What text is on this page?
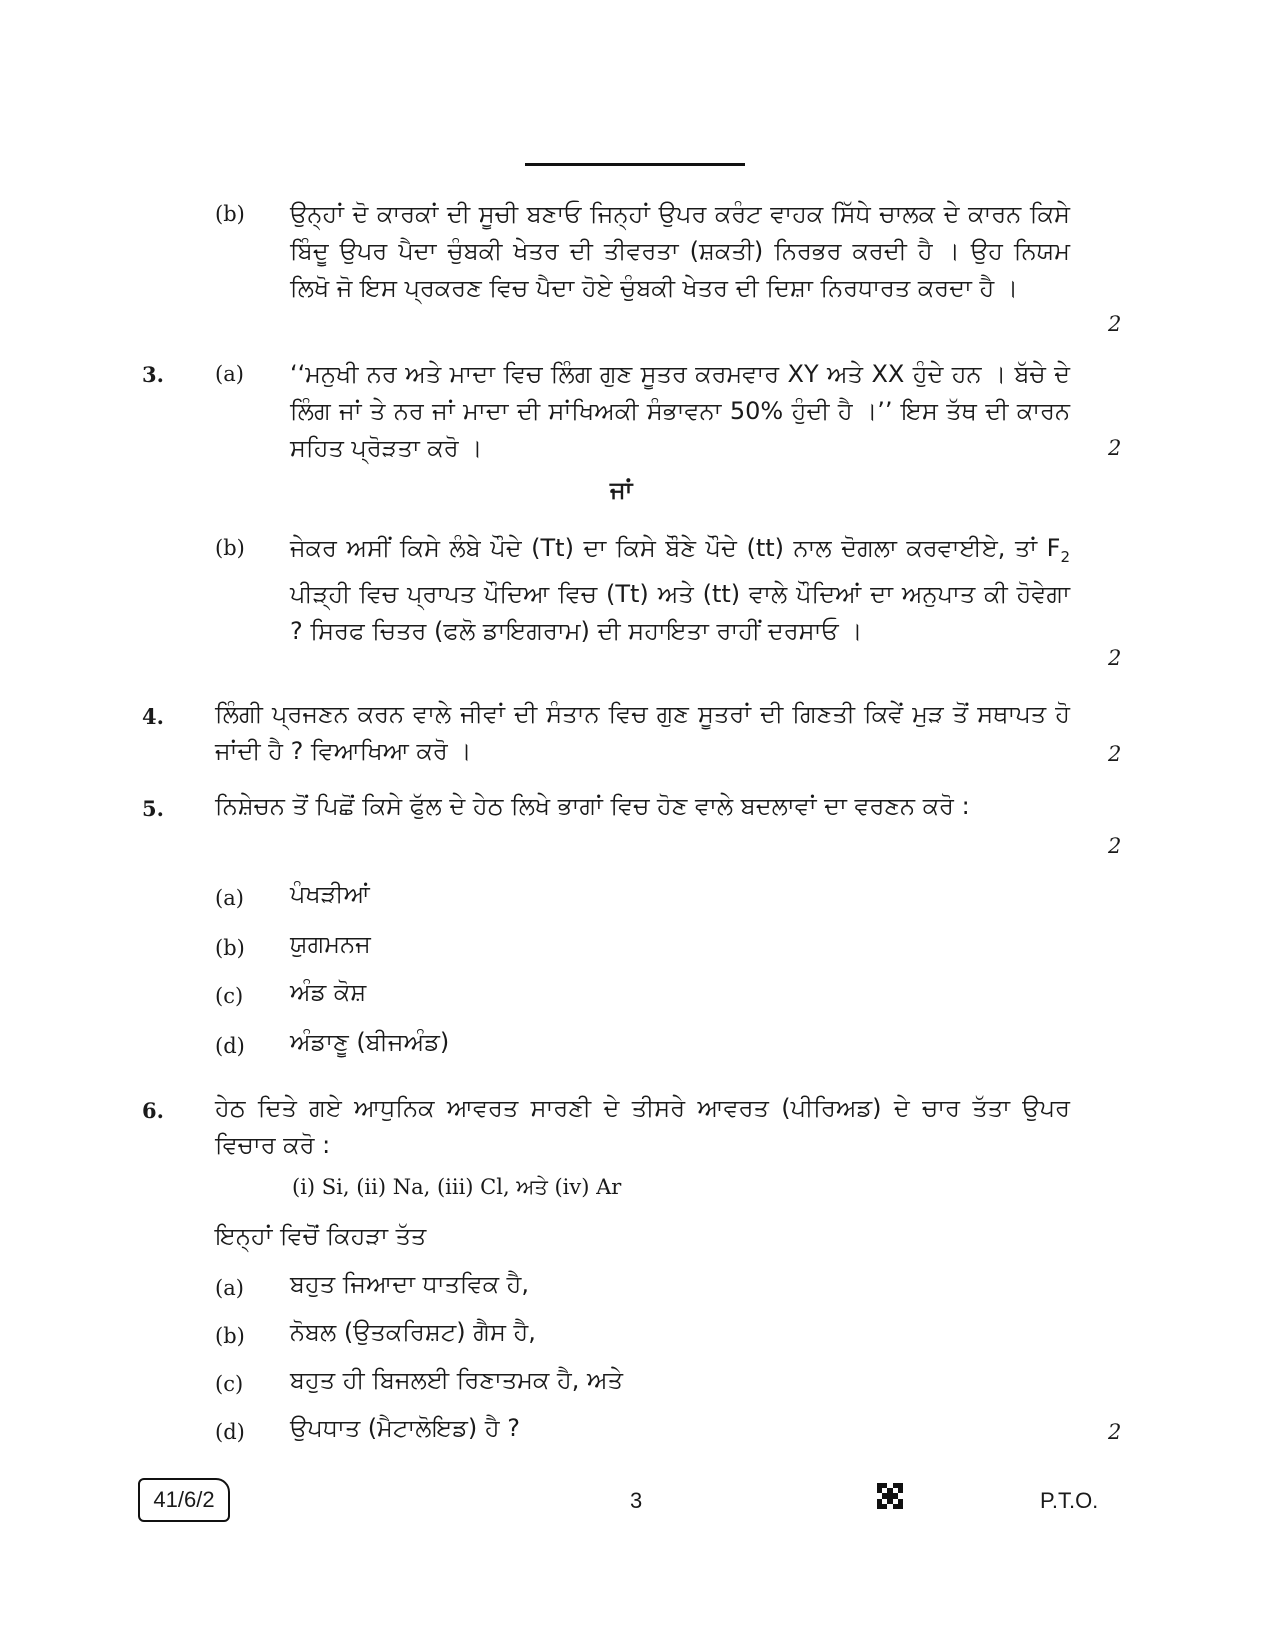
(b) ਉਨ੍ਹਾਂ ਦੋ ਕਾਰਕਾਂ ਦੀ ਸੂਚੀ ਬਣਾਓ ਜਿਨ੍ਹਾਂ ਉਪਰ ਕਰੰਟ ਵਾਹਕ ਸਿੱਧੇ ਚਾਲਕ ਦੇ ਕਾਰਨ ਕਿਸੇ ਬਿੰਦੂ ਉਪਰ ਪੈਦਾ ਚੁੰਬਕੀ ਖੇਤਰ ਦੀ ਤੀਵਰਤਾ (ਸ਼ਕਤੀ) ਨਿਰਭਰ ਕਰਦੀ ਹੈ । ਉਹ ਨਿਯਮ ਲਿਖੋ ਜੋ ਇਸ ਪ੍ਰਕਰਣ ਵਿਚ ਪੈਦਾ ਹੋਏ ਚੁੰਬਕੀ ਖੇਤਰ ਦੀ ਦਿਸ਼ਾ ਨਿਰਧਾਰਤ ਕਰਦਾ ਹੈ ।
2
3. (a) ‘‘ਮਨੁਖੀ ਨਰ ਅਤੇ ਮਾਦਾ ਵਿਚ ਲਿੰਗ ਗੁਣ ਸੂਤਰ ਕਰਮਵਾਰ XY ਅਤੇ XX ਹੁੰਦੇ ਹਨ । ਬੱਚੇ ਦੇ ਲਿੰਗ ਜਾਂ ਤੇ ਨਰ ਜਾਂ ਮਾਦਾ ਦੀ ਸਾਂਖਿਅਕੀ ਸੰਭਾਵਨਾ 50% ਹੁੰਦੀ ਹੈ ।’’ ਇਸ ਤੱਥ ਦੀ ਕਾਰਨ ਸਹਿਤ ਪ੍ਰੋੜਤਾ ਕਰੋ ।	2
ਜਾਂ
(b) ਜੇਕਰ ਅਸੀਂ ਕਿਸੇ ਲੰਬੇ ਪੌਦੇ (Tt) ਦਾ ਕਿਸੇ ਬੌਣੇ ਪੌਦੇ (tt) ਨਾਲ ਦੋਗਲਾ ਕਰਵਾਈਏ, ਤਾਂ $F_2$ ਪੀੜ੍ਹੀ ਵਿਚ ਪ੍ਰਾਪਤ ਪੌਦਿਆ ਵਿਚ (Tt) ਅਤੇ (tt) ਵਾਲੇ ਪੌਦਿਆਂ ਦਾ ਅਨੁਪਾਤ ਕੀ ਹੋਵੇਗਾ ? ਸਿਰਫ ਚਿਤਰ (ਫਲੋ ਡਾਇਗਰਾਮ) ਦੀ ਸਹਾਇਤਾ ਰਾਹੀਂ ਦਰਸਾਓ ।
2
4. ਲਿੰਗੀ ਪ੍ਰਜਣਨ ਕਰਨ ਵਾਲੇ ਜੀਵਾਂ ਦੀ ਸੰਤਾਨ ਵਿਚ ਗੁਣ ਸੂਤਰਾਂ ਦੀ ਗਿਣਤੀ ਕਿਵੇਂ ਮੁੜ ਤੋਂ ਸਥਾਪਤ ਹੋ ਜਾਂਦੀ ਹੈ ? ਵਿਆਖਿਆ ਕਰੋ ।	2
5. ਨਿਸ਼ੇਚਨ ਤੋਂ ਪਿਛੋਂ ਕਿਸੇ ਫੁੱਲ ਦੇ ਹੇਠ ਲਿਖੇ ਭਾਗਾਂ ਵਿਚ ਹੋਣ ਵਾਲੇ ਬਦਲਾਵਾਂ ਦਾ ਵਰਣਨ ਕਰੋ :
2
(a) ਪੰਖੜੀਆਂ
(b) ਯੁਗਮਨਜ
(c) ਅੰਡ ਕੋਸ਼
(d) ਅੰਡਾਣੂ (ਬੀਜਅੰਡ)
6. ਹੇਠ ਦਿਤੇ ਗਏ ਆਧੁਨਿਕ ਆਵਰਤ ਸਾਰਣੀ ਦੇ ਤੀਸਰੇ ਆਵਰਤ (ਪੀਰਿਅਡ) ਦੇ ਚਾਰ ਤੱਤਾ ਉਪਰ ਵਿਚਾਰ ਕਰੋ :
(i) Si, (ii) Na, (iii) Cl, ਅਤੇ (iv) Ar
ਇਨ੍ਹਾਂ ਵਿਚੋਂ ਕਿਹੜਾ ਤੱਤ
(a) ਬਹੁਤ ਜਿਆਦਾ ਧਾਤਵਿਕ ਹੈ,
(b) ਨੋਬਲ (ਉਤਕਰਿਸ਼ਟ) ਗੈਸ ਹੈ,
(c) ਬਹੁਤ ਹੀ ਬਿਜਲਈ ਰਿਣਾਤਮਕ ਹੈ, ਅਤੇ
(d) ਉਪਧਾਤ (ਮੈਟਾਲੋਇਡ) ਹੈ ?	2
41/6/2	3	P.T.O.
